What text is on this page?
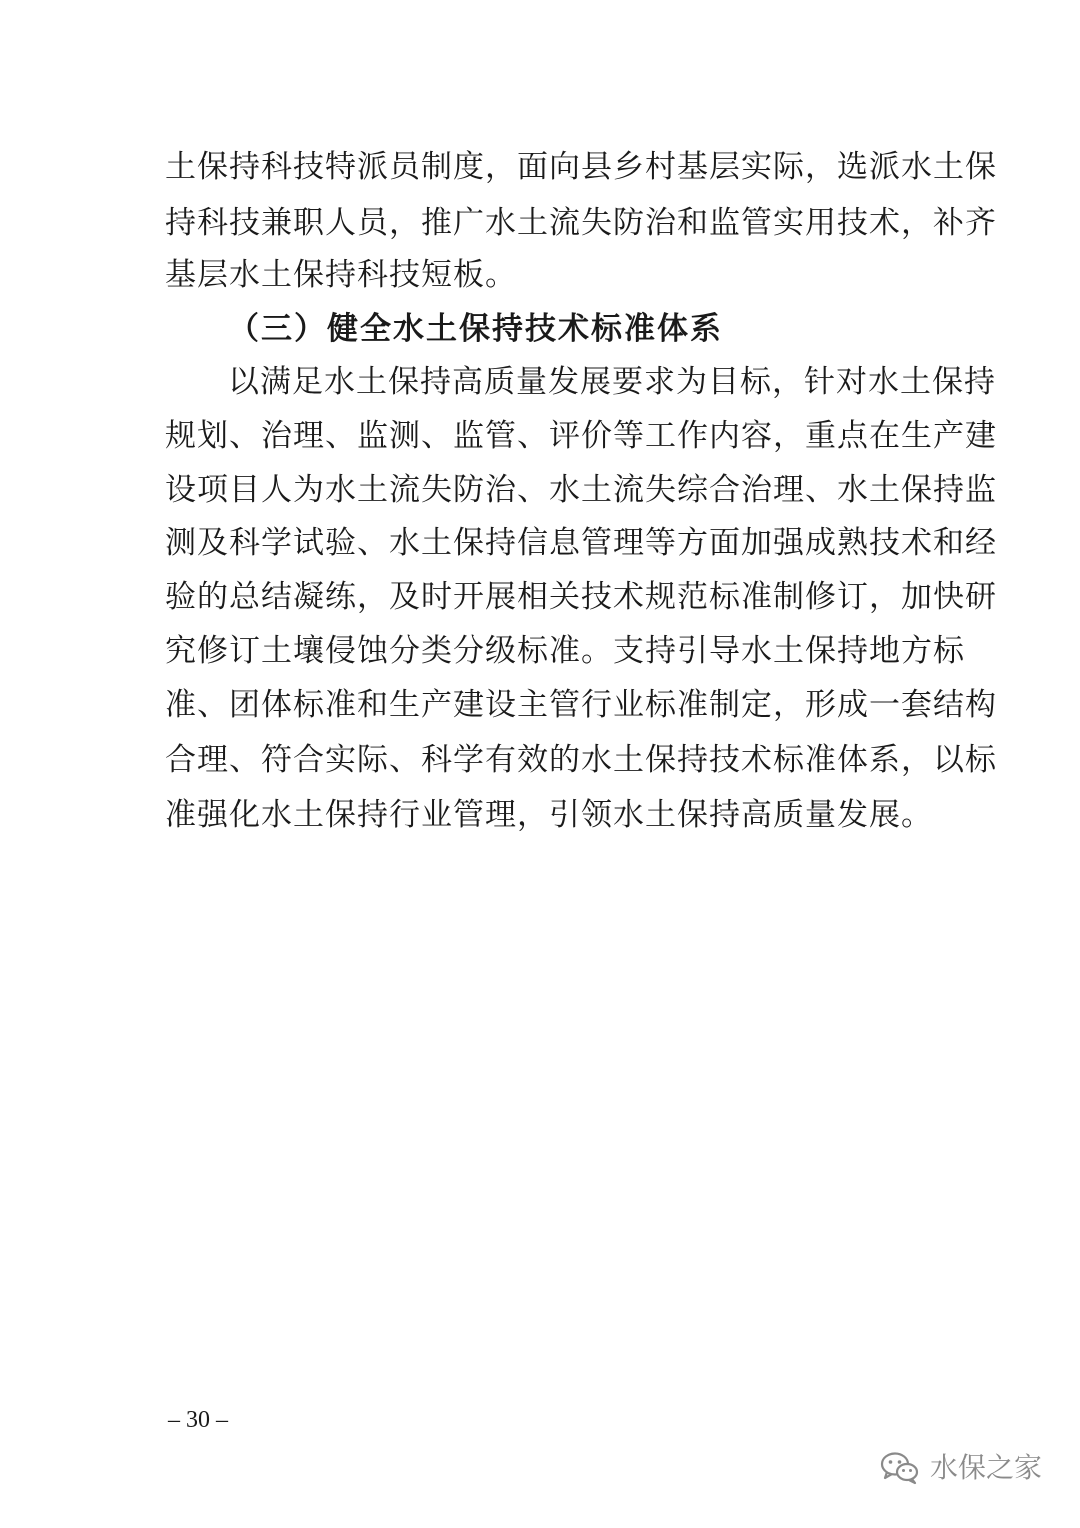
土保持科技特派员制度，面向县乡村基层实际，选派水土保
持科技兼职人员，推广水土流失防治和监管实用技术，补齐
基层水土保持科技短板。
（三）健全水土保持技术标准体系
以满足水土保持高质量发展要求为目标，针对水土保持
规划、治理、监测、监管、评价等工作内容，重点在生产建
设项目人为水土流失防治、水土流失综合治理、水土保持监
测及科学试验、水土保持信息管理等方面加强成熟技术和经
验的总结凝练，及时开展相关技术规范标准制修订，加快研
究修订土壤侵蚀分类分级标准。支持引导水土保持地方标
准、团体标准和生产建设主管行业标准制定，形成一套结构
合理、符合实际、科学有效的水土保持技术标准体系，以标
准强化水土保持行业管理，引领水土保持高质量发展。
– 30 –
水保之家
